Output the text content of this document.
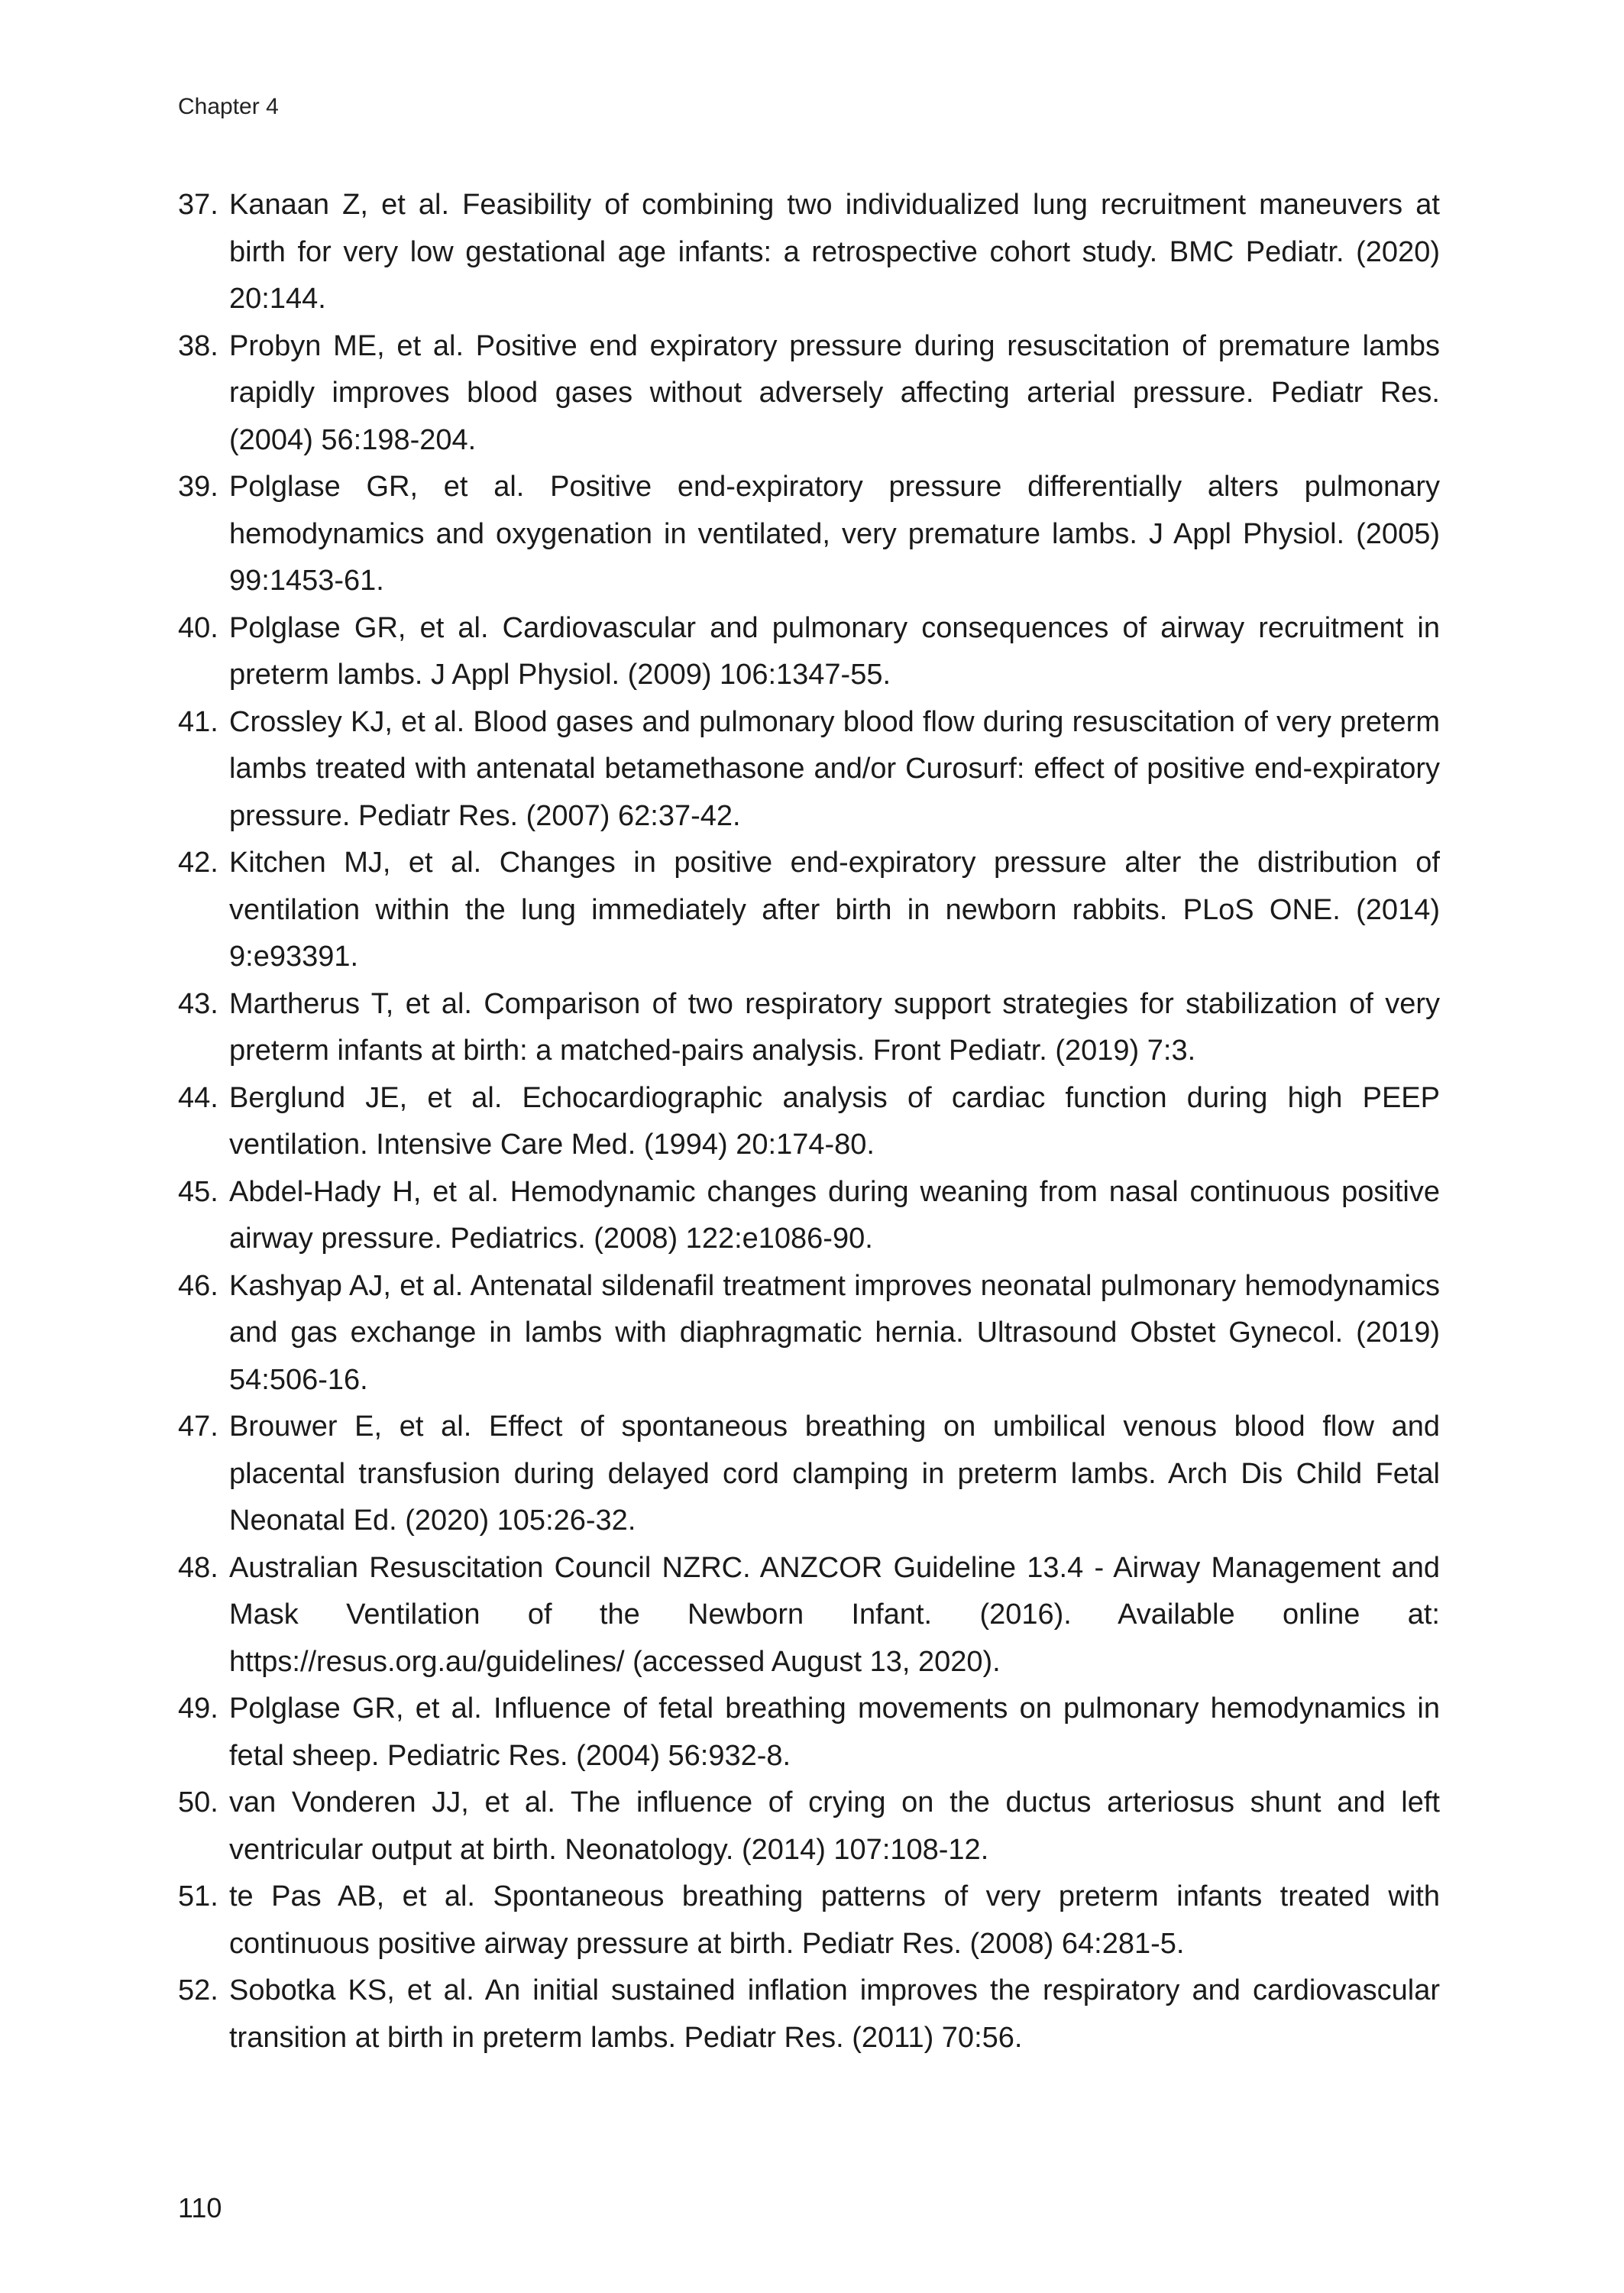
Chapter 4
37. Kanaan Z, et al. Feasibility of combining two individualized lung recruitment maneuvers at birth for very low gestational age infants: a retrospective cohort study. BMC Pediatr. (2020) 20:144.
38. Probyn ME, et al. Positive end expiratory pressure during resuscitation of premature lambs rapidly improves blood gases without adversely affecting arterial pressure. Pediatr Res. (2004) 56:198-204.
39. Polglase GR, et al. Positive end-expiratory pressure differentially alters pulmonary hemodynamics and oxygenation in ventilated, very premature lambs. J Appl Physiol. (2005) 99:1453-61.
40. Polglase GR, et al. Cardiovascular and pulmonary consequences of airway recruitment in preterm lambs. J Appl Physiol. (2009) 106:1347-55.
41. Crossley KJ, et al. Blood gases and pulmonary blood flow during resuscitation of very preterm lambs treated with antenatal betamethasone and/or Curosurf: effect of positive end-expiratory pressure. Pediatr Res. (2007) 62:37-42.
42. Kitchen MJ, et al. Changes in positive end-expiratory pressure alter the distribution of ventilation within the lung immediately after birth in newborn rabbits. PLoS ONE. (2014) 9:e93391.
43. Martherus T, et al. Comparison of two respiratory support strategies for stabilization of very preterm infants at birth: a matched-pairs analysis. Front Pediatr. (2019) 7:3.
44. Berglund JE, et al. Echocardiographic analysis of cardiac function during high PEEP ventilation. Intensive Care Med. (1994) 20:174-80.
45. Abdel-Hady H, et al. Hemodynamic changes during weaning from nasal continuous positive airway pressure. Pediatrics. (2008) 122:e1086-90.
46. Kashyap AJ, et al. Antenatal sildenafil treatment improves neonatal pulmonary hemodynamics and gas exchange in lambs with diaphragmatic hernia. Ultrasound Obstet Gynecol. (2019) 54:506-16.
47. Brouwer E, et al. Effect of spontaneous breathing on umbilical venous blood flow and placental transfusion during delayed cord clamping in preterm lambs. Arch Dis Child Fetal Neonatal Ed. (2020) 105:26-32.
48. Australian Resuscitation Council NZRC. ANZCOR Guideline 13.4 - Airway Management and Mask Ventilation of the Newborn Infant. (2016). Available online at: https://resus.org.au/guidelines/ (accessed August 13, 2020).
49. Polglase GR, et al. Influence of fetal breathing movements on pulmonary hemodynamics in fetal sheep. Pediatric Res. (2004) 56:932-8.
50. van Vonderen JJ, et al. The influence of crying on the ductus arteriosus shunt and left ventricular output at birth. Neonatology. (2014) 107:108-12.
51. te Pas AB, et al. Spontaneous breathing patterns of very preterm infants treated with continuous positive airway pressure at birth. Pediatr Res. (2008) 64:281-5.
52. Sobotka KS, et al. An initial sustained inflation improves the respiratory and cardiovascular transition at birth in preterm lambs. Pediatr Res. (2011) 70:56.
110
